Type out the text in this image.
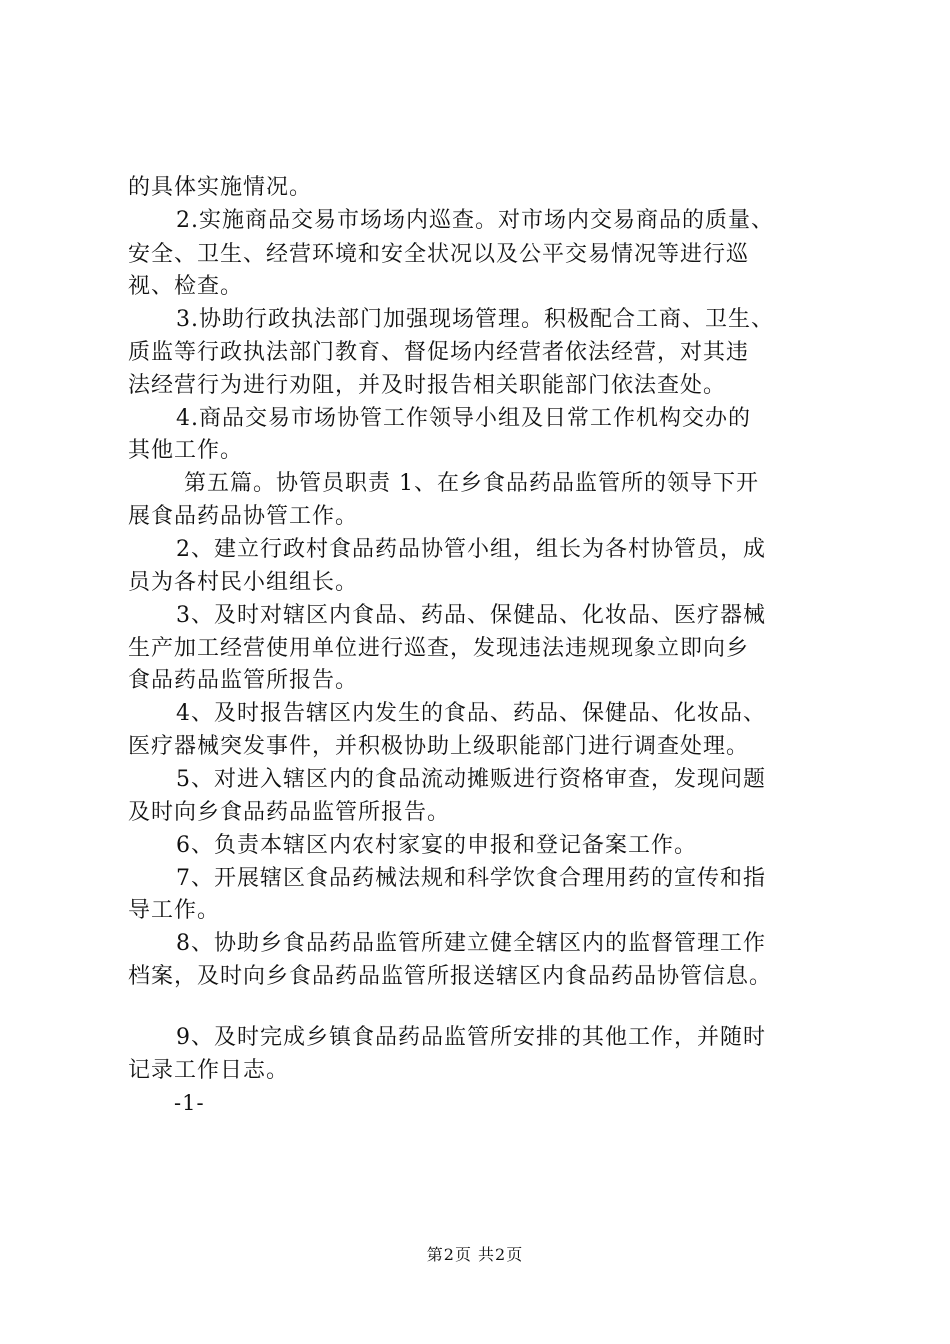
的具体实施情况。
2.实施商品交易市场场内巡查。对市场内交易商品的质量、
安全、卫生、经营环境和安全状况以及公平交易情况等进行巡
视、检查。
3.协助行政执法部门加强现场管理。积极配合工商、卫生、
质监等行政执法部门教育、督促场内经营者依法经营，对其违
法经营行为进行劝阻，并及时报告相关职能部门依法查处。
4.商品交易市场协管工作领导小组及日常工作机构交办的
其他工作。
第五篇。协管员职责 1、在乡食品药品监管所的领导下开
展食品药品协管工作。
2、建立行政村食品药品协管小组，组长为各村协管员，成
员为各村民小组组长。
3、及时对辖区内食品、药品、保健品、化妆品、医疗器械
生产加工经营使用单位进行巡查，发现违法违规现象立即向乡
食品药品监管所报告。
4、及时报告辖区内发生的食品、药品、保健品、化妆品、
医疗器械突发事件，并积极协助上级职能部门进行调查处理。
5、对进入辖区内的食品流动摊贩进行资格审查，发现问题
及时向乡食品药品监管所报告。
6、负责本辖区内农村家宴的申报和登记备案工作。
7、开展辖区食品药械法规和科学饮食合理用药的宣传和指
导工作。
8、协助乡食品药品监管所建立健全辖区内的监督管理工作
档案，及时向乡食品药品监管所报送辖区内食品药品协管信息。
9、及时完成乡镇食品药品监管所安排的其他工作，并随时
记录工作日志。
-1-
第2页 共2页
